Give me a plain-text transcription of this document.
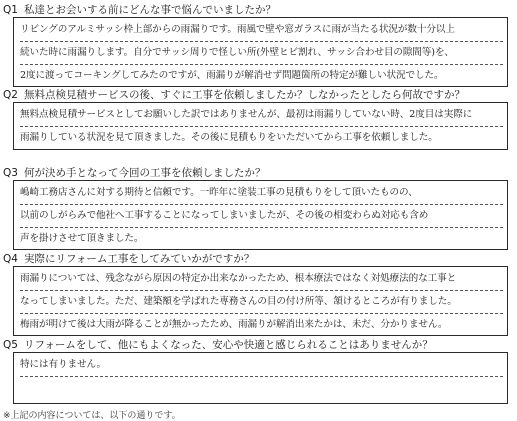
Q1 私達とお会いする前にどんな事で悩んでいましたか？
リビングのアルミサッシ枠上部からの雨漏りです。雨風で壁や窓ガラスに雨が当たる状況が数十分以上
続いた時に雨漏りします。自分でサッシ周りで怪しい所(外壁ヒビ割れ、サッシ合わせ目の隙間等)を、
2度に渡ってコーキングしてみたのですが、雨漏りが解消せず問題箇所の特定が難しい状況でした。
Q2 無料点検見積サービスの後、すぐに工事を依頼しましたか？しなかったとしたら何故ですか？
無料点検見積サービスとしてお願いした訳ではありませんが、最初は雨漏りしていない時、2度目は実際に
雨漏りしている状況を見て頂きました。その後に見積もりをいただいてから工事を依頼しました。
Q3 何が決め手となって今回の工事を依頼しましたか？
嶋崎工務店さんに対する期待と信頼です。一昨年に塗装工事の見積もりをして頂いたものの、
以前のしがらみで他社へ工事することになってしまいましたが、その後の相変わらぬ対応も含め
声を掛けさせて頂きました。
Q4 実際にリフォーム工事をしてみていかがですか？
雨漏りについては、残念ながら原因の特定か出来なかったため、根本療法ではなく対処療法的な工事と
なってしまいました。ただ、建築額を学ばれた専務さんの目の付け所等、頷けるところが有りました。
梅雨が明けて後は大雨が降ることが無かったため、雨漏りが解消出来たかは、未だ、分かりません。
Q5 リフォームをして、他にもよくなった、安心や快適と感じられることはありませんか？
特には有りません。
※上記の内容については、以下の通りです。
